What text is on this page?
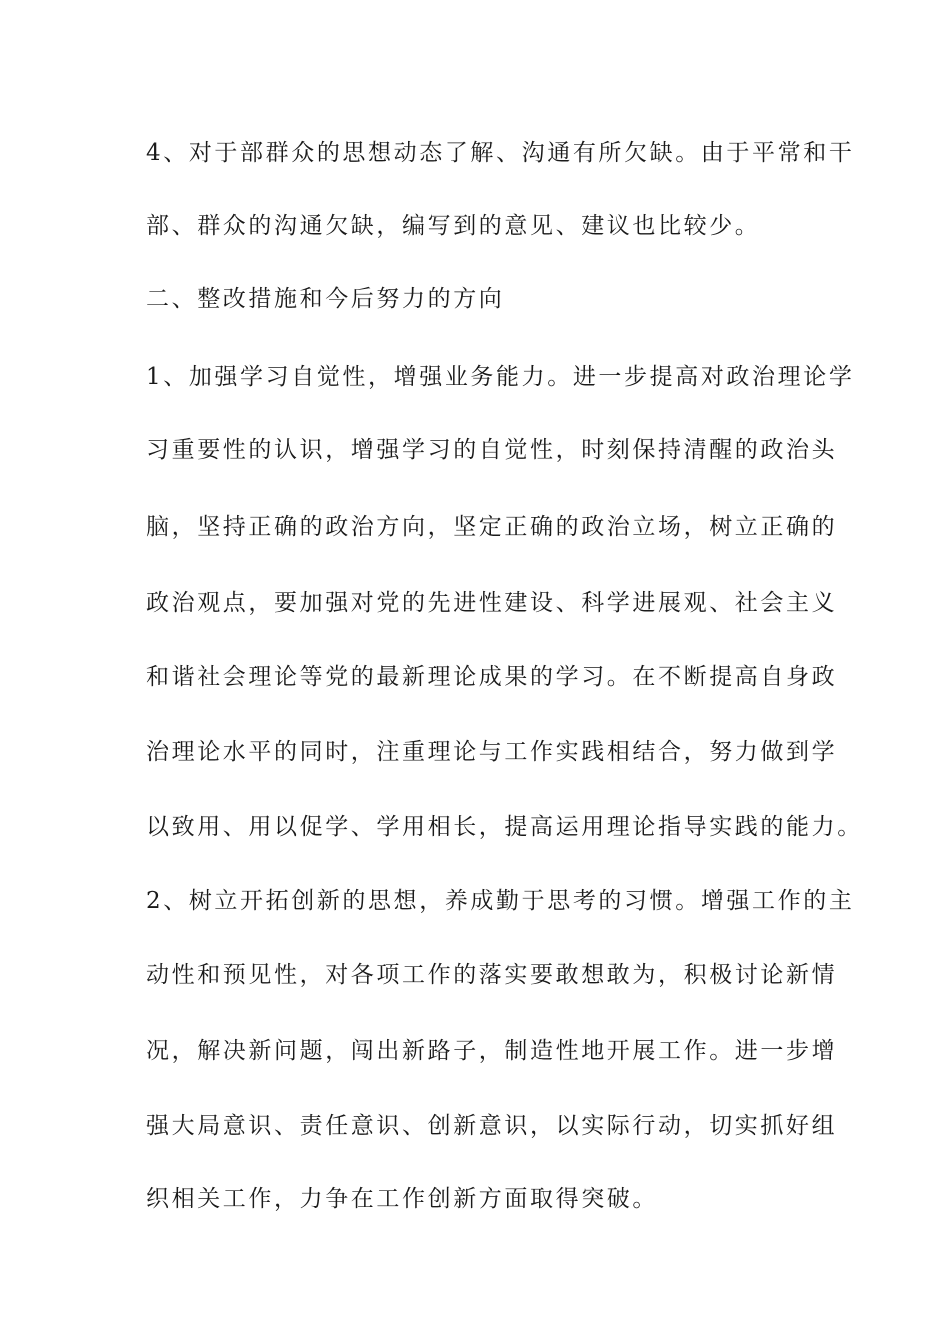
4、对于部群众的思想动态了解、沟通有所欠缺。由于平常和干
部、群众的沟通欠缺，编写到的意见、建议也比较少。
二、整改措施和今后努力的方向
1、加强学习自觉性，增强业务能力。进一步提高对政治理论学
习重要性的认识，增强学习的自觉性，时刻保持清醒的政治头
脑，坚持正确的政治方向，坚定正确的政治立场，树立正确的
政治观点，要加强对党的先进性建设、科学进展观、社会主义
和谐社会理论等党的最新理论成果的学习。在不断提高自身政
治理论水平的同时，注重理论与工作实践相结合，努力做到学
以致用、用以促学、学用相长，提高运用理论指导实践的能力。
2、树立开拓创新的思想，养成勤于思考的习惯。增强工作的主
动性和预见性，对各项工作的落实要敢想敢为，积极讨论新情
况，解决新问题，闯出新路子，制造性地开展工作。进一步增
强大局意识、责任意识、创新意识，以实际行动，切实抓好组
织相关工作，力争在工作创新方面取得突破。
